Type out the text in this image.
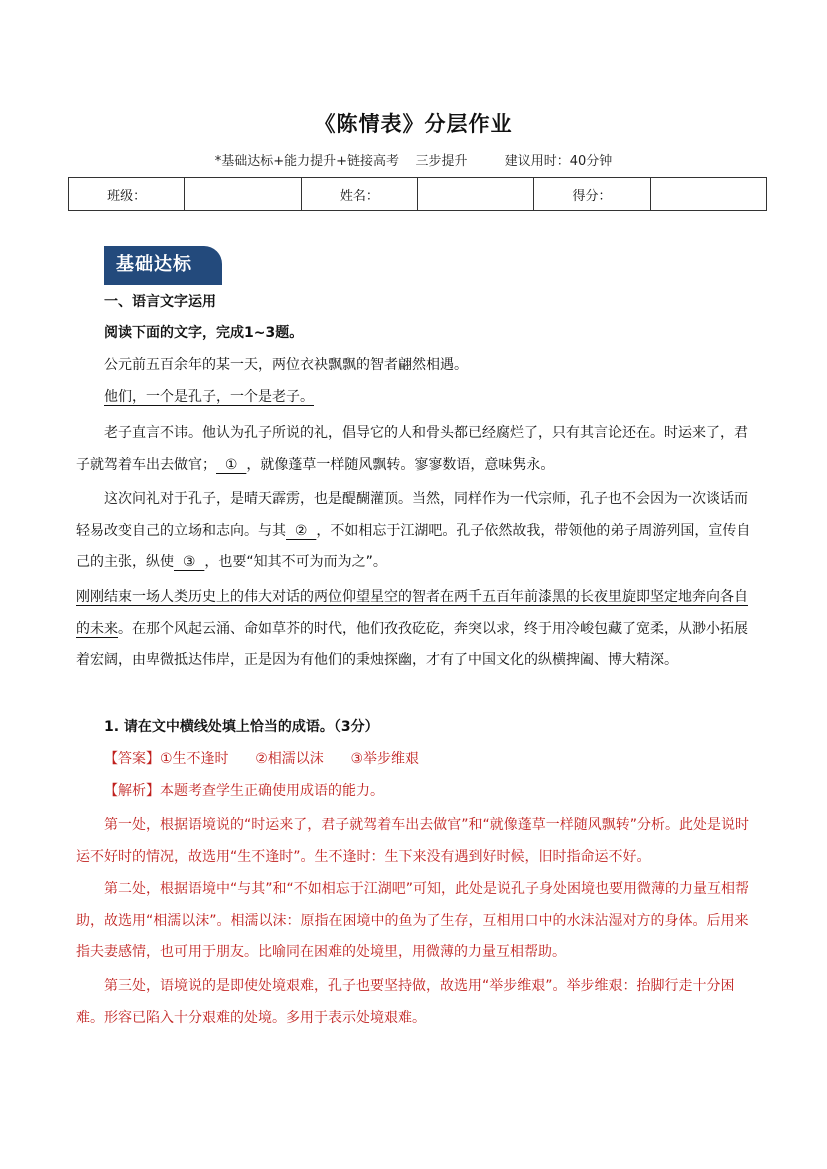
《陈情表》分层作业
*基础达标+能力提升+链接高考    三步提升         建议用时：40分钟
班级：		姓名：		得分：	
基础达标
一、语言文字运用
阅读下面的文字，完成1~3题。
公元前五百余年的某一天，两位衣袂飘飘的智者翩然相遇。
他们，一个是孔子，一个是老子。
老子直言不讳。他认为孔子所说的礼，倡导它的人和骨头都已经腐烂了，只有其言论还在。时运来了，君子就驾着车出去做官；  ①  ，就像蓬草一样随风飘转。寥寥数语，意味隽永。
这次问礼对于孔子，是晴天霹雳，也是醍醐灌顶。当然，同样作为一代宗师，孔子也不会因为一次谈话而轻易改变自己的立场和志向。与其  ②  ，不如相忘于江湖吧。孔子依然故我，带领他的弟子周游列国，宣传自己的主张，纵使  ③  ，也要“知其不可为而为之”。
刚刚结束一场人类历史上的伟大对话的两位仰望星空的智者在两千五百年前漆黑的长夜里旋即坚定地奔向各自的未来。在那个风起云涌、命如草芥的时代，他们孜孜矻矻，奔突以求，终于用冷峻包藏了宽柔，从渺小拓展着宏阔，由卑微抵达伟岸，正是因为有他们的秉烛探幽，才有了中国文化的纵横捭阖、博大精深。
1. 请在文中横线处填上恰当的成语。（3分）
【答案】①生不逢时      ②相濡以沫      ③举步维艰
【解析】本题考查学生正确使用成语的能力。
第一处，根据语境说的“时运来了，君子就驾着车出去做官”和“就像蓬草一样随风飘转”分析。此处是说时运不好时的情况，故选用“生不逢时”。生不逢时：生下来没有遇到好时候，旧时指命运不好。
第二处，根据语境中“与其”和“不如相忘于江湖吧”可知，此处是说孔子身处困境也要用微薄的力量互相帮助，故选用“相濡以沫”。相濡以沫：原指在困境中的鱼为了生存，互相用口中的水沫沾湿对方的身体。后用来指夫妻感情，也可用于朋友。比喻同在困难的处境里，用微薄的力量互相帮助。
第三处，语境说的是即使处境艰难，孔子也要坚持做，故选用“举步维艰”。举步维艰：抬脚行走十分困难。形容已陷入十分艰难的处境。多用于表示处境艰难。
